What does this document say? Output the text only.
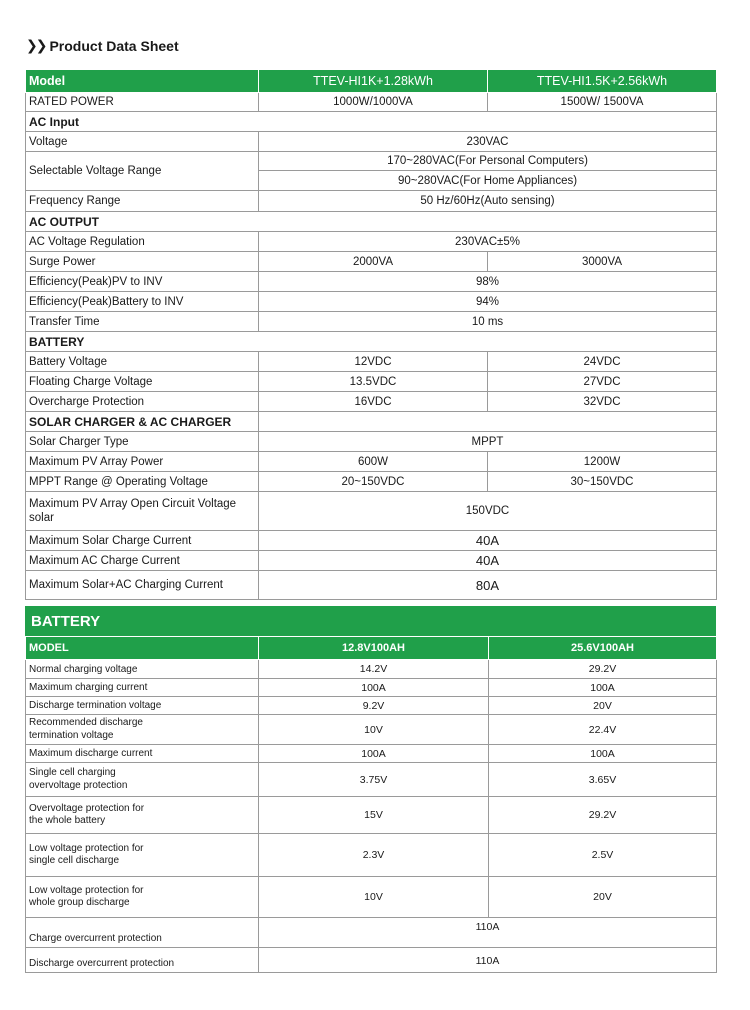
❯❯ Product Data Sheet
Model	TTEV-HI1K+1.28kWh	TTEV-HI1.5K+2.56kWh
RATED POWER	1000W/1000VA	1500W/ 1500VA
AC Input		
Voltage	230VAC	
Selectable Voltage Range	170~280VAC(For Personal Computers)	
	90~280VAC(For Home Appliances)	
Frequency Range	50 Hz/60Hz(Auto sensing)	
AC OUTPUT		
AC Voltage Regulation	230VAC±5%	
Surge Power	2000VA	3000VA
Efficiency(Peak)PV to INV	98%	
Efficiency(Peak)Battery to INV	94%	
Transfer Time	10 ms	
BATTERY		
Battery Voltage	12VDC	24VDC
Floating Charge Voltage	13.5VDC	27VDC
Overcharge Protection	16VDC	32VDC
SOLAR CHARGER & AC CHARGER		
Solar Charger Type	MPPT	
Maximum PV Array Power	600W	1200W
MPPT Range @ Operating Voltage	20~150VDC	30~150VDC
Maximum PV Array Open Circuit Voltage solar	150VDC	
Maximum Solar Charge Current	40A	
Maximum AC Charge Current	40A	
Maximum Solar+AC Charging Current	80A	
BATTERY
MODEL	12.8V100AH	25.6V100AH
Normal charging voltage	14.2V	29.2V
Maximum charging current	100A	100A
Discharge termination voltage	9.2V	20V
Recommended discharge termination voltage	10V	22.4V
Maximum discharge current	100A	100A
Single cell charging overvoltage protection	3.75V	3.65V
Overvoltage protection for the whole battery	15V	29.2V
Low voltage protection for single cell discharge	2.3V	2.5V
Low voltage protection for whole group discharge	10V	20V
Charge overcurrent protection	110A	
Discharge overcurrent protection	110A	
